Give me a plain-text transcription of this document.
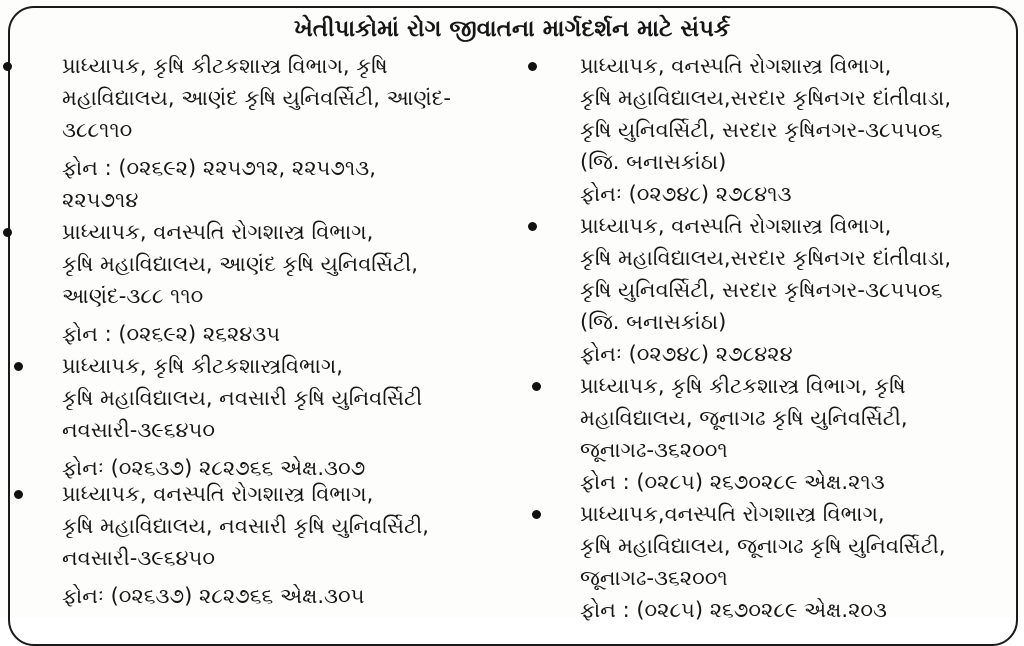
ખેતીપાકોમાં રોગ જીવાતના માર્ગદર્શન માટે સંપર્ક
પ્રાધ્યાપક, કૃષિ કીટકશાસ્ત્ર વિભાગ, કૃષિ
મહાવિદ્યાલય, આણંદ કૃષિ યુનિવર્સિટી, આણંદ-
૩૮૮૧૧૦
ફોન : (૦૨૬૯૨) ૨૨૫૭૧૨, ૨૨૫૭૧૩,
૨૨૫૭૧૪
પ્રાધ્યાપક, વનસ્પતિ રોગશાસ્ત્ર વિભાગ,
કૃષિ મહાવિદ્યાલય, આણંદ કૃષિ યુનિવર્સિટી,
આણંદ-૩૮૮ ૧૧૦
ફોન : (૦૨૬૯૨) ૨૬૨૪૩૫
પ્રાધ્યાપક, કૃષિ કીટકશાસ્ત્રવિભાગ,
કૃષિ મહાવિદ્યાલય, નવસારી કૃષિ યુનિવર્સિટી
નવસારી-૩૯૬૪૫૦
ફોનઃ (૦૨૬૩૭) ૨૮૨૭૬૬ એક્ષ.૩૦૭
પ્રાધ્યાપક, વનસ્પતિ રોગશાસ્ત્ર વિભાગ,
કૃષિ મહાવિદ્યાલય, નવસારી કૃષિ યુનિવર્સિટી,
નવસારી-૩૯૬૪૫૦
ફોનઃ (૦૨૬૩૭) ૨૮૨૭૬૬ એક્ષ.૩૦૫
પ્રાધ્યાપક, વનસ્પતિ રોગશાસ્ત્ર વિભાગ,
કૃષિ મહાવિદ્યાલય,સરદાર કૃષિનગર દાંતીવાડા,
કૃષિ યુનિવર્સિટી, સરદાર કૃષિનગર-૩૮૫૫૦૬
(જિ. બનાસકાંઠા)
ફોનઃ (૦૨૭૪૮) ૨૭૮૪૧૩
પ્રાધ્યાપક, વનસ્પતિ રોગશાસ્ત્ર વિભાગ,
કૃષિ મહાવિદ્યાલય,સરદાર કૃષિનગર દાંતીવાડા,
કૃષિ યુનિવર્સિટી, સરદાર કૃષિનગર-૩૮૫૫૦૬
(જિ. બનાસકાંઠા)
ફોનઃ (૦૨૭૪૮) ૨૭૮૪૨૪
પ્રાધ્યાપક, કૃષિ કીટકશાસ્ત્ર વિભાગ, કૃષિ
મહાવિદ્યાલય, જૂનાગઢ કૃષિ યુનિવર્સિટી,
જૂનાગઢ-૩૬૨૦૦૧
ફોન : (૦૨૮૫) ૨૬૭૦૨૮૯ એક્ષ.૨૧૩
પ્રાધ્યાપક,વનસ્પતિ રોગશાસ્ત્ર વિભાગ,
કૃષિ મહાવિદ્યાલય, જૂનાગઢ કૃષિ યુનિવર્સિટી,
જૂનાગઢ-૩૬૨૦૦૧
ફોન : (૦૨૮૫) ૨૬૭૦૨૮૯ એક્ષ.૨૦૩
